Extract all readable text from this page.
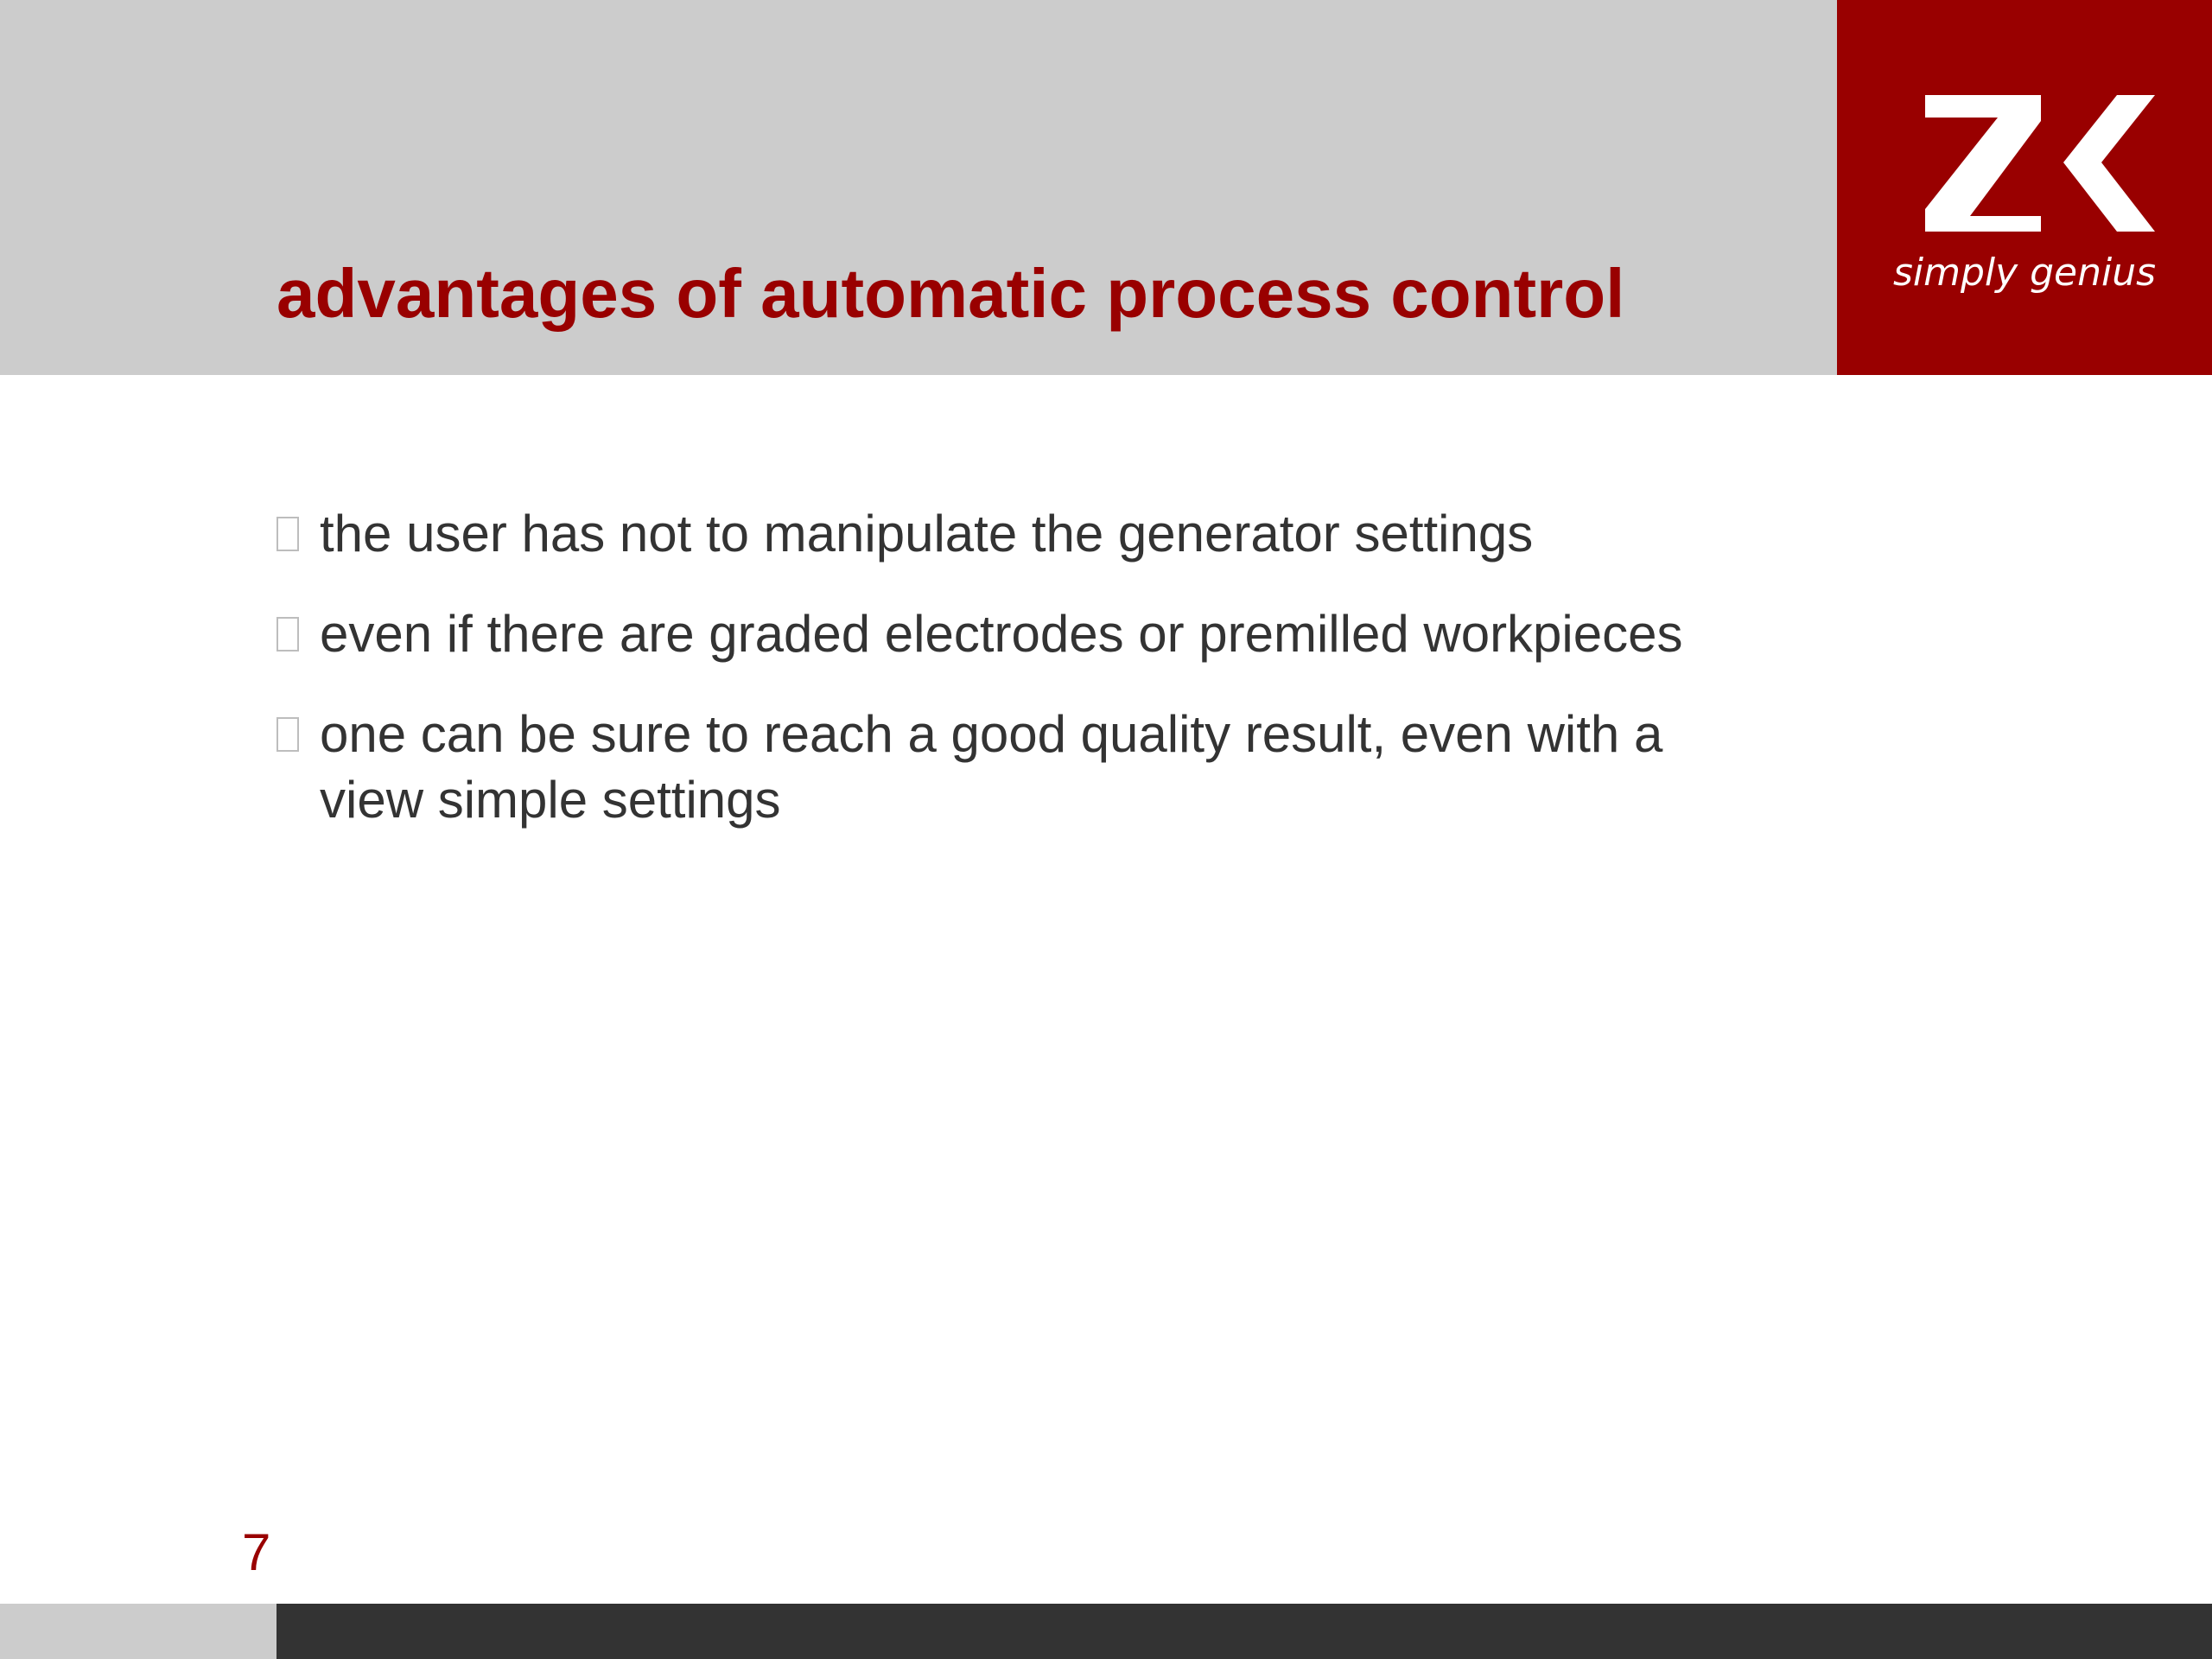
advantages of automatic process control	simply genius
the user has not to manipulate the generator settings
even if there are graded electrodes or premilled workpieces
one can be sure to reach a good quality result, even with a view simple settings
7
